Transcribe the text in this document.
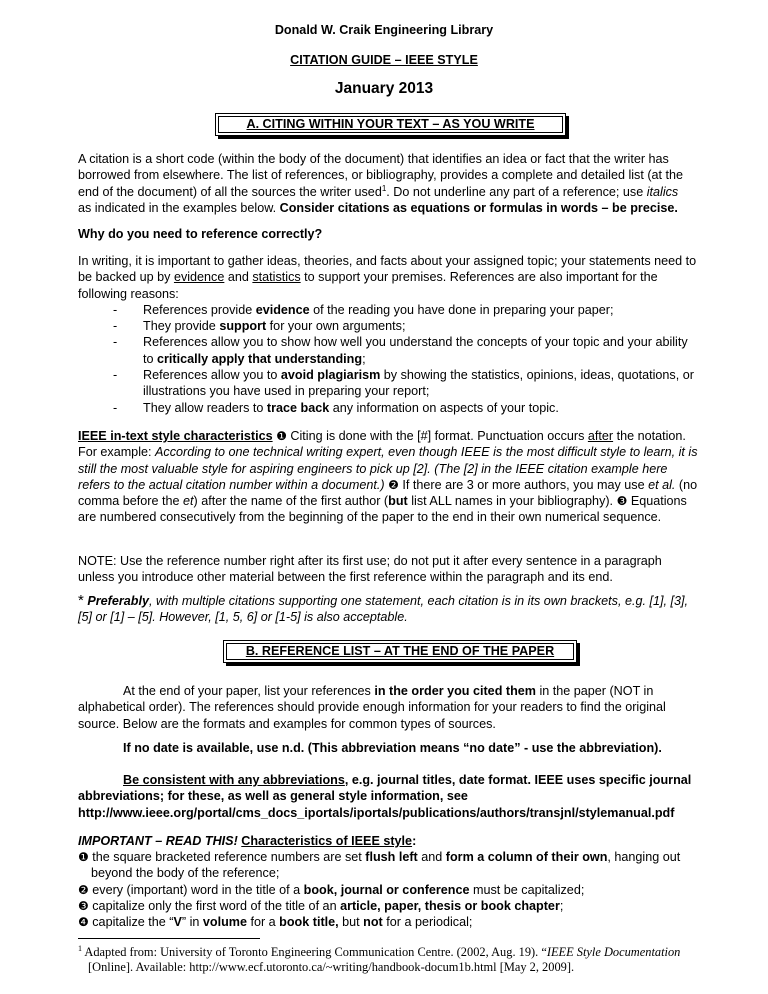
Donald W. Craik Engineering Library
CITATION GUIDE – IEEE STYLE
January 2013
A. CITING WITHIN YOUR TEXT – AS YOU WRITE

A citation is a short code (within the body of the document) that identifies an idea or fact that the writer has borrowed from elsewhere. The list of references, or bibliography, provides a complete and detailed list (at the end of the document) of all the sources the writer used$^1$. Do not underline any part of a reference; use italics as indicated in the examples below. Consider citations as equations or formulas in words – be precise.

Why do you need to reference correctly?

In writing, it is important to gather ideas, theories, and facts about your assigned topic; your statements need to be backed up by evidence and statistics to support your premises. References are also important for the following reasons:

- References provide evidence of the reading you have done in preparing your paper;
- They provide support for your own arguments;
- References allow you to show how well you understand the concepts of your topic and your ability to critically apply that understanding;
- References allow you to avoid plagiarism by showing the statistics, opinions, ideas, quotations, or illustrations you have used in preparing your report;
- They allow readers to trace back any information on aspects of your topic.

IEEE in-text style characteristics ❶ Citing is done with the [#] format. Punctuation occurs after the notation. For example: According to one technical writing expert, even though IEEE is the most difficult style to learn, it is still the most valuable style for aspiring engineers to pick up [2]. (The [2] in the IEEE citation example here refers to the actual citation number within a document.) ❷ If there are 3 or more authors, you may use et al. (no comma before the et) after the name of the first author (but list ALL names in your bibliography). ❸ Equations are numbered consecutively from the beginning of the paper to the end in their own numerical sequence.

NOTE: Use the reference number right after its first use; do not put it after every sentence in a paragraph unless you introduce other material between the first reference within the paragraph and its end.

* Preferably, with multiple citations supporting one statement, each citation is in its own brackets, e.g. [1], [3], [5] or [1] – [5]. However, [1, 5, 6] or [1-5] is also acceptable.

B. REFERENCE LIST – AT THE END OF THE PAPER

At the end of your paper, list your references in the order you cited them in the paper (NOT in alphabetical order). The references should provide enough information for your readers to find the original source. Below are the formats and examples for common types of sources.

If no date is available, use n.d. (This abbreviation means “no date” - use the abbreviation).

Be consistent with any abbreviations, e.g. journal titles, date format. IEEE uses specific journal abbreviations; for these, as well as general style information, see

http://www.ieee.org/portal/cms_docs_iportals/iportals/publications/authors/transjnl/stylemanual.pdf

IMPORTANT – READ THIS! Characteristics of IEEE style:

❶ the square bracketed reference numbers are set flush left and form a column of their own, hanging out beyond the body of the reference;

❷ every (important) word in the title of a book, journal or conference must be capitalized;

❸ capitalize only the first word of the title of an article, paper, thesis or book chapter;

❹ capitalize the “V” in volume for a book title, but not for a periodical;

$^1$ Adapted from: University of Toronto Engineering Communication Centre. (2002, Aug. 19). “IEEE Style Documentation [Online]. Available: http://www.ecf.utoronto.ca/~writing/handbook-docum1b.html [May 2, 2009].
